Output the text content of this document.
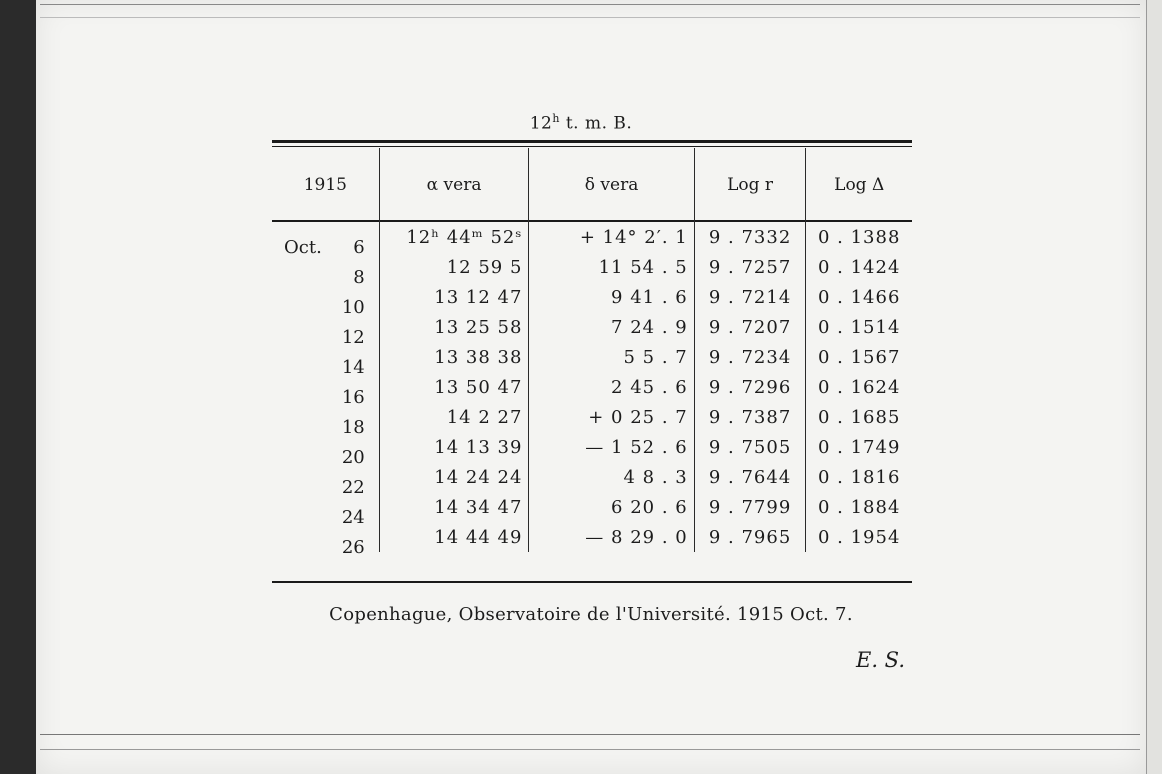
12$^h$ t. m. B.
1915	α vera	δ vera	Log r	Log Δ

Oct. 6	12ʰ 44ᵐ 52ˢ	+ 14° 2′. 1	9 . 7332	0 . 1388

8	12 59 5	11 54 . 5	9 . 7257	0 . 1424

10	13 12 47	9 41 . 6	9 . 7214	0 . 1466

12	13 25 58	7 24 . 9	9 . 7207	0 . 1514

14	13 38 38	5 5 . 7	9 . 7234	0 . 1567

16	13 50 47	2 45 . 6	9 . 7296	0 . 1624

18	14 2 27	+ 0 25 . 7	9 . 7387	0 . 1685

20	14 13 39	— 1 52 . 6	9 . 7505	0 . 1749

22	14 24 24	4 8 . 3	9 . 7644	0 . 1816

24	14 34 47	6 20 . 6	9 . 7799	0 . 1884

26	14 44 49	— 8 29 . 0	9 . 7965	0 . 1954
Copenhague, Observatoire de l'Université. 1915 Oct. 7.
E. S.
